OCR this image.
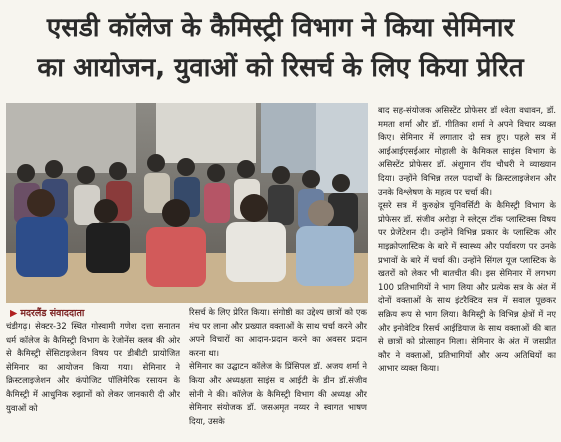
एसडी कॉलेज के कैमिस्ट्री विभाग ने किया सेमिनार
का आयोजन, युवाओं को रिसर्च के लिए किया प्रेरित
▶ मदरलैंड संवाददाता

चंडीगढ़। सेक्टर-32 स्थित गोस्वामी गणेश दत्ता सनातन धर्म कॉलेज के कैमिस्ट्री विभाग के रेजोनेंस क्लब की ओर से कैमिस्ट्री सेंसिटाइजेशन विषय पर डीबीटी प्रायोजित सेमिनार का आयोजन किया गया। सेमिनार ने क्रिस्टलाइजेशन और कंपोजिट पॉलिमेरिक रसायन के कैमिस्ट्री में आधुनिक रुझानों को लेकर जानकारी दी और युवाओं को

रिसर्च के लिए प्रेरित किया। संगोष्ठी का उद्देश्य छात्रों को एक मंच पर लाना और प्रख्यात वक्ताओं के साथ चर्चा करने और अपने विचारों का आदान-प्रदान करने का अवसर प्रदान करना था।

सेमिनार का उद्घाटन कॉलेज के प्रिंसिपल डॉ. अजय शर्मा ने किया और अध्यक्षता साइंस व आईटी के डीन डॉ.संजीव सोनी ने की। कॉलेज के कैमिस्ट्री विभाग की अध्यक्ष और सेमिनार संयोजक डॉ. जसअमृत नय्यर ने स्वागत भाषण दिया, उसके

बाद सह-संयोजक असिस्टेंट प्रोफेसर डॉ श्वेता वधावन, डॉ. ममता शर्मा और डॉ. गीतिका शर्मा ने अपने विचार व्यक्त किए। सेमिनार में लगातार दो सत्र हुए। पहले सत्र में आईआईएसईआर मोहाली के कैमिकल साइंस विभाग के असिस्टेंट प्रोफेसर डॉ. अंशुमान रॉय चौधरी ने व्याख्यान दिया। उन्होंने विभिन्न तरल पदार्थों के क्रिस्टलाइजेशन और उनके विश्लेषण के महत्व पर चर्चा की।

दूसरे सत्र में कुरुक्षेत्र यूनिवर्सिटी के कैमिस्ट्री विभाग के प्रोफेसर डॉ. संजीव अरोड़ा ने स्लेट्स टॉक प्लास्टिक्स विषय पर प्रेजेंटेशन दी। उन्होंने विभिन्न प्रकार के प्लास्टिक और माइक्रोप्लास्टिक के बारे में स्वास्थ्य और पर्यावरण पर उनके प्रभावों के बारे में चर्चा की। उन्होंने सिंगल यूज प्लास्टिक के खतरों को लेकर भी बातचीत की। इस सेमिनार में लगभग 100 प्रतिभागियों ने भाग लिया और प्रत्येक सत्र के अंत में दोनों वक्ताओं के साथ इंटरैक्टिव सत्र में सवाल पूछकर सक्रिय रूप से भाग लिया। कैमिस्ट्री के विभिन्न क्षेत्रों में नए और इनोवेटिव रिसर्च आईडियाज के साथ वक्ताओं की बात से छात्रों को प्रोत्साहन मिला। सेमिनार के अंत में जसप्रीत कौर ने वक्ताओं, प्रतिभागियों और अन्य अतिथियों का आभार व्यक्त किया।
